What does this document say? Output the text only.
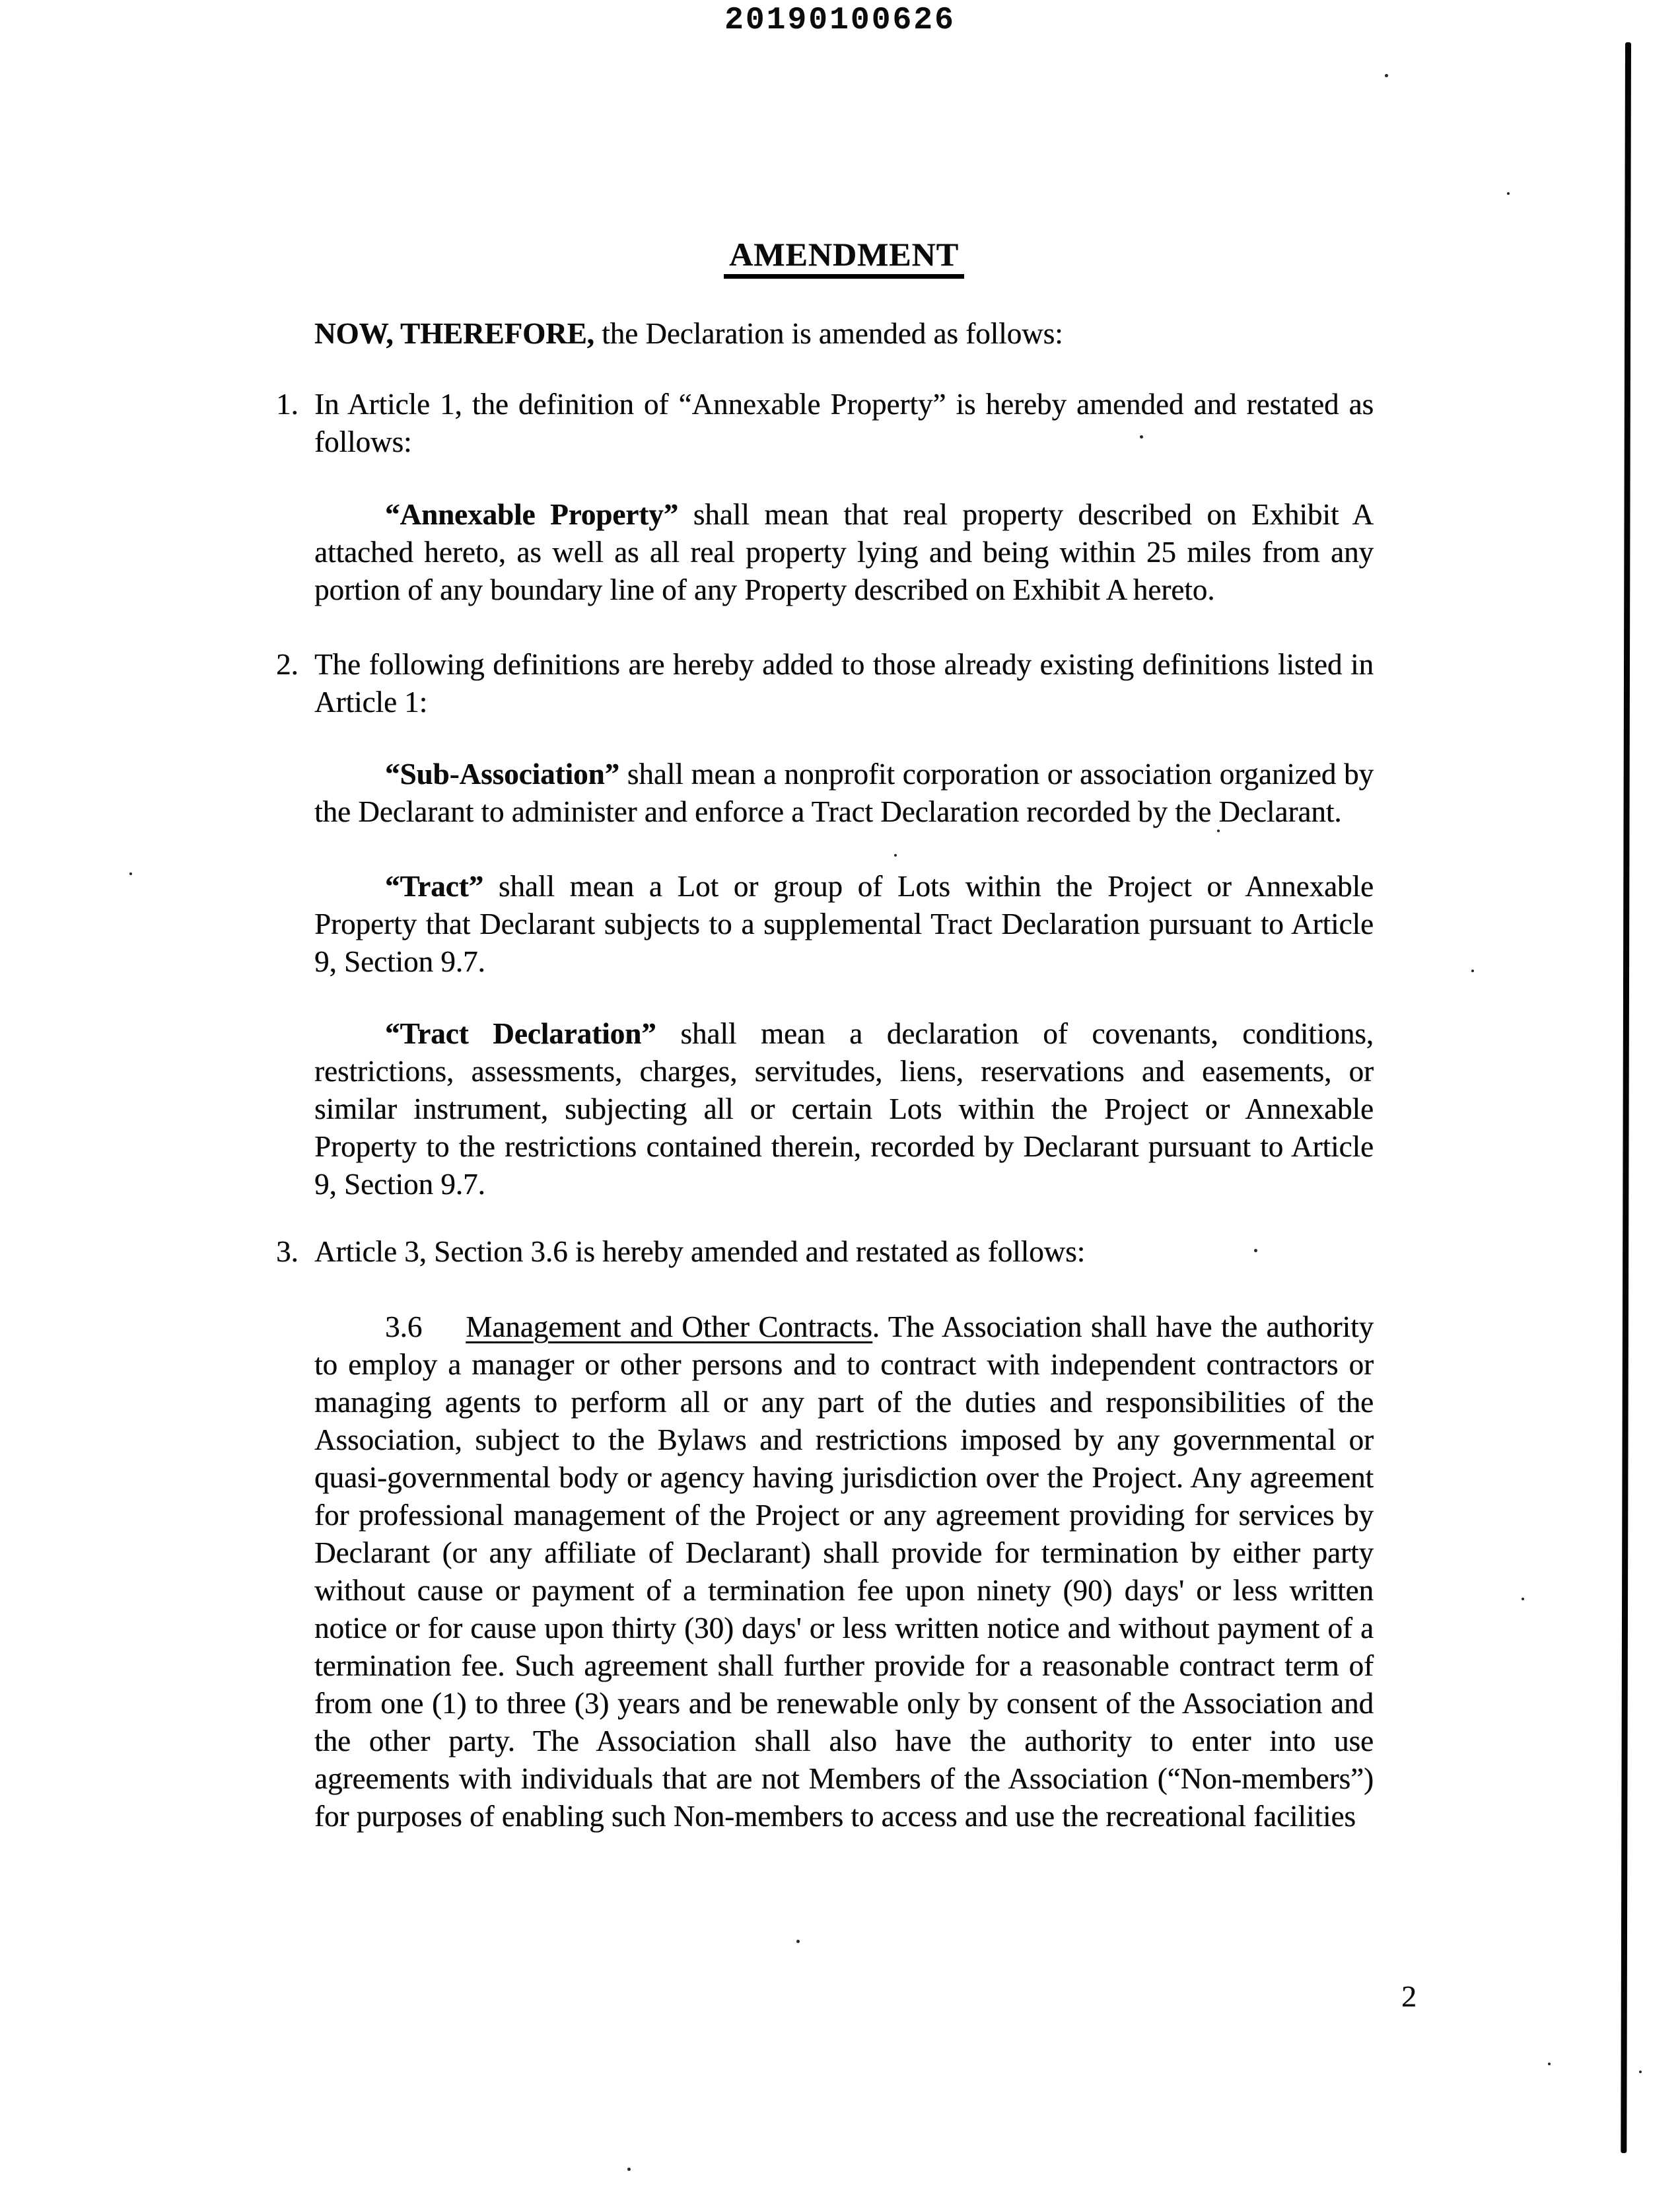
20190100626
AMENDMENT

NOW, THEREFORE, the Declaration is amended as follows:

1. In Article 1, the definition of “Annexable Property” is hereby amended and restated as follows:

“Annexable Property” shall mean that real property described on Exhibit A attached hereto, as well as all real property lying and being within 25 miles from any portion of any boundary line of any Property described on Exhibit A hereto.

2. The following definitions are hereby added to those already existing definitions listed in Article 1:

“Sub-Association” shall mean a nonprofit corporation or association organized by the Declarant to administer and enforce a Tract Declaration recorded by the Declarant.

“Tract” shall mean a Lot or group of Lots within the Project or Annexable Property that Declarant subjects to a supplemental Tract Declaration pursuant to Article 9, Section 9.7.

“Tract Declaration” shall mean a declaration of covenants, conditions, restrictions, assessments, charges, servitudes, liens, reservations and easements, or similar instrument, subjecting all or certain Lots within the Project or Annexable Property to the restrictions contained therein, recorded by Declarant pursuant to Article 9, Section 9.7.

3. Article 3, Section 3.6 is hereby amended and restated as follows:

3.6 Management and Other Contracts. The Association shall have the authority to employ a manager or other persons and to contract with independent contractors or managing agents to perform all or any part of the duties and responsibilities of the Association, subject to the Bylaws and restrictions imposed by any governmental or quasi-governmental body or agency having jurisdiction over the Project. Any agreement for professional management of the Project or any agreement providing for services by Declarant (or any affiliate of Declarant) shall provide for termination by either party without cause or payment of a termination fee upon ninety (90) days' or less written notice or for cause upon thirty (30) days' or less written notice and without payment of a termination fee. Such agreement shall further provide for a reasonable contract term of from one (1) to three (3) years and be renewable only by consent of the Association and the other party. The Association shall also have the authority to enter into use agreements with individuals that are not Members of the Association (“Non-members”) for purposes of enabling such Non-members to access and use the recreational facilities

2
